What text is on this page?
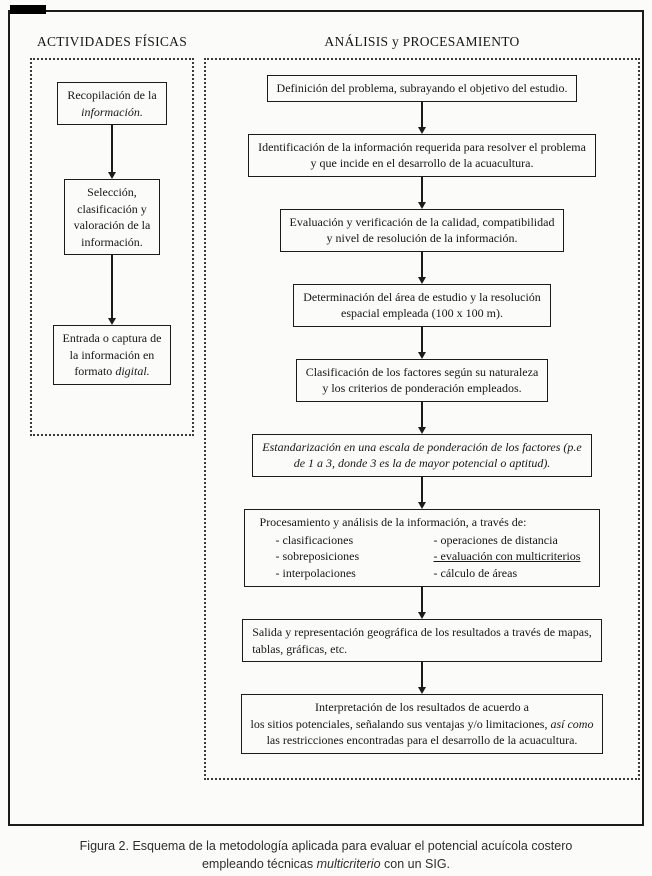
ACTIVIDADES FÍSICAS
Recopilación de la
información.
Selección,
clasificación y
valoración de la
información.
Entrada o captura de
la información en
formato digital.
ANÁLISIS y PROCESAMIENTO
Definición del problema, subrayando el objetivo del estudio.
Identificación de la información requerida para resolver el problema
y que incide en el desarrollo de la acuacultura.
Evaluación y verificación de la calidad, compatibilidad
y nivel de resolución de la información.
Determinación del área de estudio y la resolución
espacial empleada (100 x 100 m).
Clasificación de los factores según su naturaleza
y los criterios de ponderación empleados.
Estandarización en una escala de ponderación de los factores (p.e
de 1 a 3, donde 3 es la de mayor potencial o aptitud).
Procesamiento y análisis de la información, a través de:
- clasificaciones
- sobreposiciones
- interpolaciones
- operaciones de distancia
- evaluación con multicriterios
- cálculo de áreas
Salida y representación geográfica de los resultados a través de mapas,
tablas, gráficas, etc.
Interpretación de los resultados de acuerdo a
los sitios potenciales, señalando sus ventajas y/o limitaciones, así como
las restricciones encontradas para el desarrollo de la acuacultura.
Figura 2. Esquema de la metodología aplicada para evaluar el potencial acuícola costero
empleando técnicas multicriterio con un SIG.
